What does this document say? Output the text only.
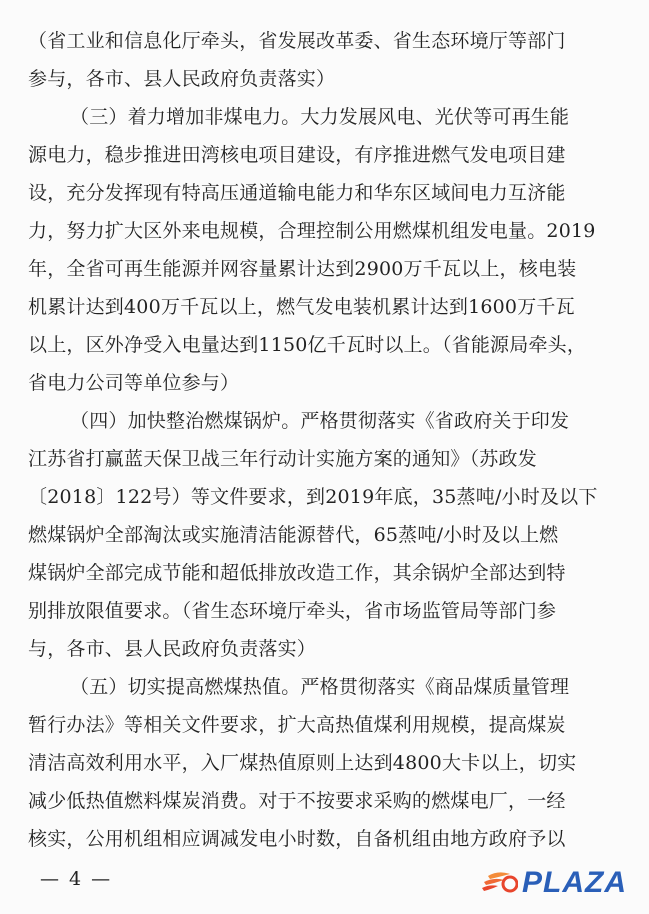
（省工业和信息化厅牵头，省发展改革委、省生态环境厅等部门
参与，各市、县人民政府负责落实）
（三）着力增加非煤电力。大力发展风电、光伏等可再生能
源电力，稳步推进田湾核电项目建设，有序推进燃气发电项目建
设，充分发挥现有特高压通道输电能力和华东区域间电力互济能
力，努力扩大区外来电规模，合理控制公用燃煤机组发电量。2019
年，全省可再生能源并网容量累计达到2900万千瓦以上，核电装
机累计达到400万千瓦以上，燃气发电装机累计达到1600万千瓦
以上，区外净受入电量达到1150亿千瓦时以上。（省能源局牵头，
省电力公司等单位参与）
（四）加快整治燃煤锅炉。严格贯彻落实《省政府关于印发
江苏省打赢蓝天保卫战三年行动计实施方案的通知》（苏政发
〔2018〕122号）等文件要求，到2019年底，35蒸吨/小时及以下
燃煤锅炉全部淘汰或实施清洁能源替代，65蒸吨/小时及以上燃
煤锅炉全部完成节能和超低排放改造工作，其余锅炉全部达到特
别排放限值要求。（省生态环境厅牵头，省市场监管局等部门参
与，各市、县人民政府负责落实）
（五）切实提高燃煤热值。严格贯彻落实《商品煤质量管理
暂行办法》等相关文件要求，扩大高热值煤利用规模，提高煤炭
清洁高效利用水平，入厂煤热值原则上达到4800大卡以上，切实
减少低热值燃料煤炭消费。对于不按要求采购的燃煤电厂，一经
核实，公用机组相应调减发电小时数，自备机组由地方政府予以
— 4 —	PLAZA
